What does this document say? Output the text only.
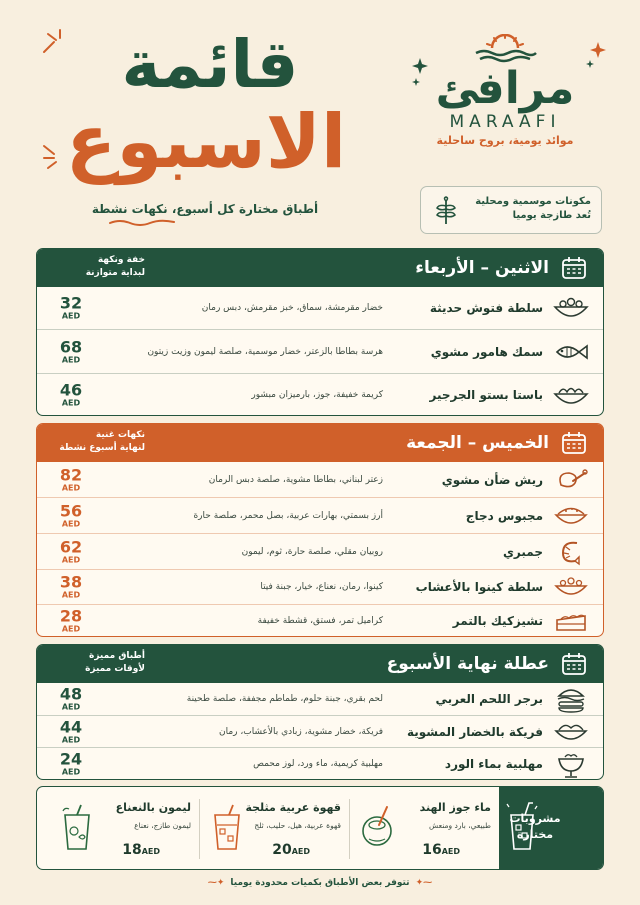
مرافئ
MARAAFI
موائد يومية، بروح ساحلية
قائمة
الاسبوع
أطباق مختارة كل أسبوع، نكهات نشطة
مكونات موسمية ومحلية
تُعد طازجة يوميا
الاثنين – الأربعاء
خفة ونكهة
لبداية متوازنة
سلطة فتوش حديثة
خضار مقرمشة، سماق، خبز مقرمش، دبس رمان
32
AED
سمك هامور مشوي
هرسة بطاطا بالزعتر، خضار موسمية، صلصة ليمون وزيت زيتون
68
AED
باستا بستو الجرجير
كريمة خفيفة، جوز، بارميزان مبشور
46
AED
الخميس – الجمعة
نكهات غنية
لنهاية أسبوع نشطة
ريش ضأن مشوي
زعتر لبناني، بطاطا مشوية، صلصة دبس الرمان
82
AED
مجبوس دجاج
أرز بسمتي، بهارات عربية، بصل محمر، صلصة حارة
56
AED
جمبري
روبيان مقلي، صلصة حارة، ثوم، ليمون
62
AED
سلطة كينوا بالأعشاب
كينوا، رمان، نعناع، خيار، جبنة فيتا
38
AED
تشيزكيك بالتمر
كراميل تمر، فستق، قشطة خفيفة
28
AED
عطلة نهاية الأسبوع
أطباق مميزة
لأوقات مميزة
برجر اللحم العربي
لحم بقري، جبنة حلوم، طماطم مجففة، صلصة طحينة
48
AED
فريكة بالخضار المشوية
فريكة، خضار مشوية، زبادي بالأعشاب، رمان
44
AED
مهلبية بماء الورد
مهلبية كريمية، ماء ورد، لوز محمص
24
AED
مشروبات
مختارة
ماء جوز الهند
طبيعي، بارد ومنعش
16AED
قهوة عربية مثلجة
قهوة عربية، هيل، حليب، ثلج
20AED
ليمون بالنعناع
ليمون طازج، نعناع
18AED
⁓✦تتوفر بعض الأطباق بكميات محدودة يوميا✦⁓
